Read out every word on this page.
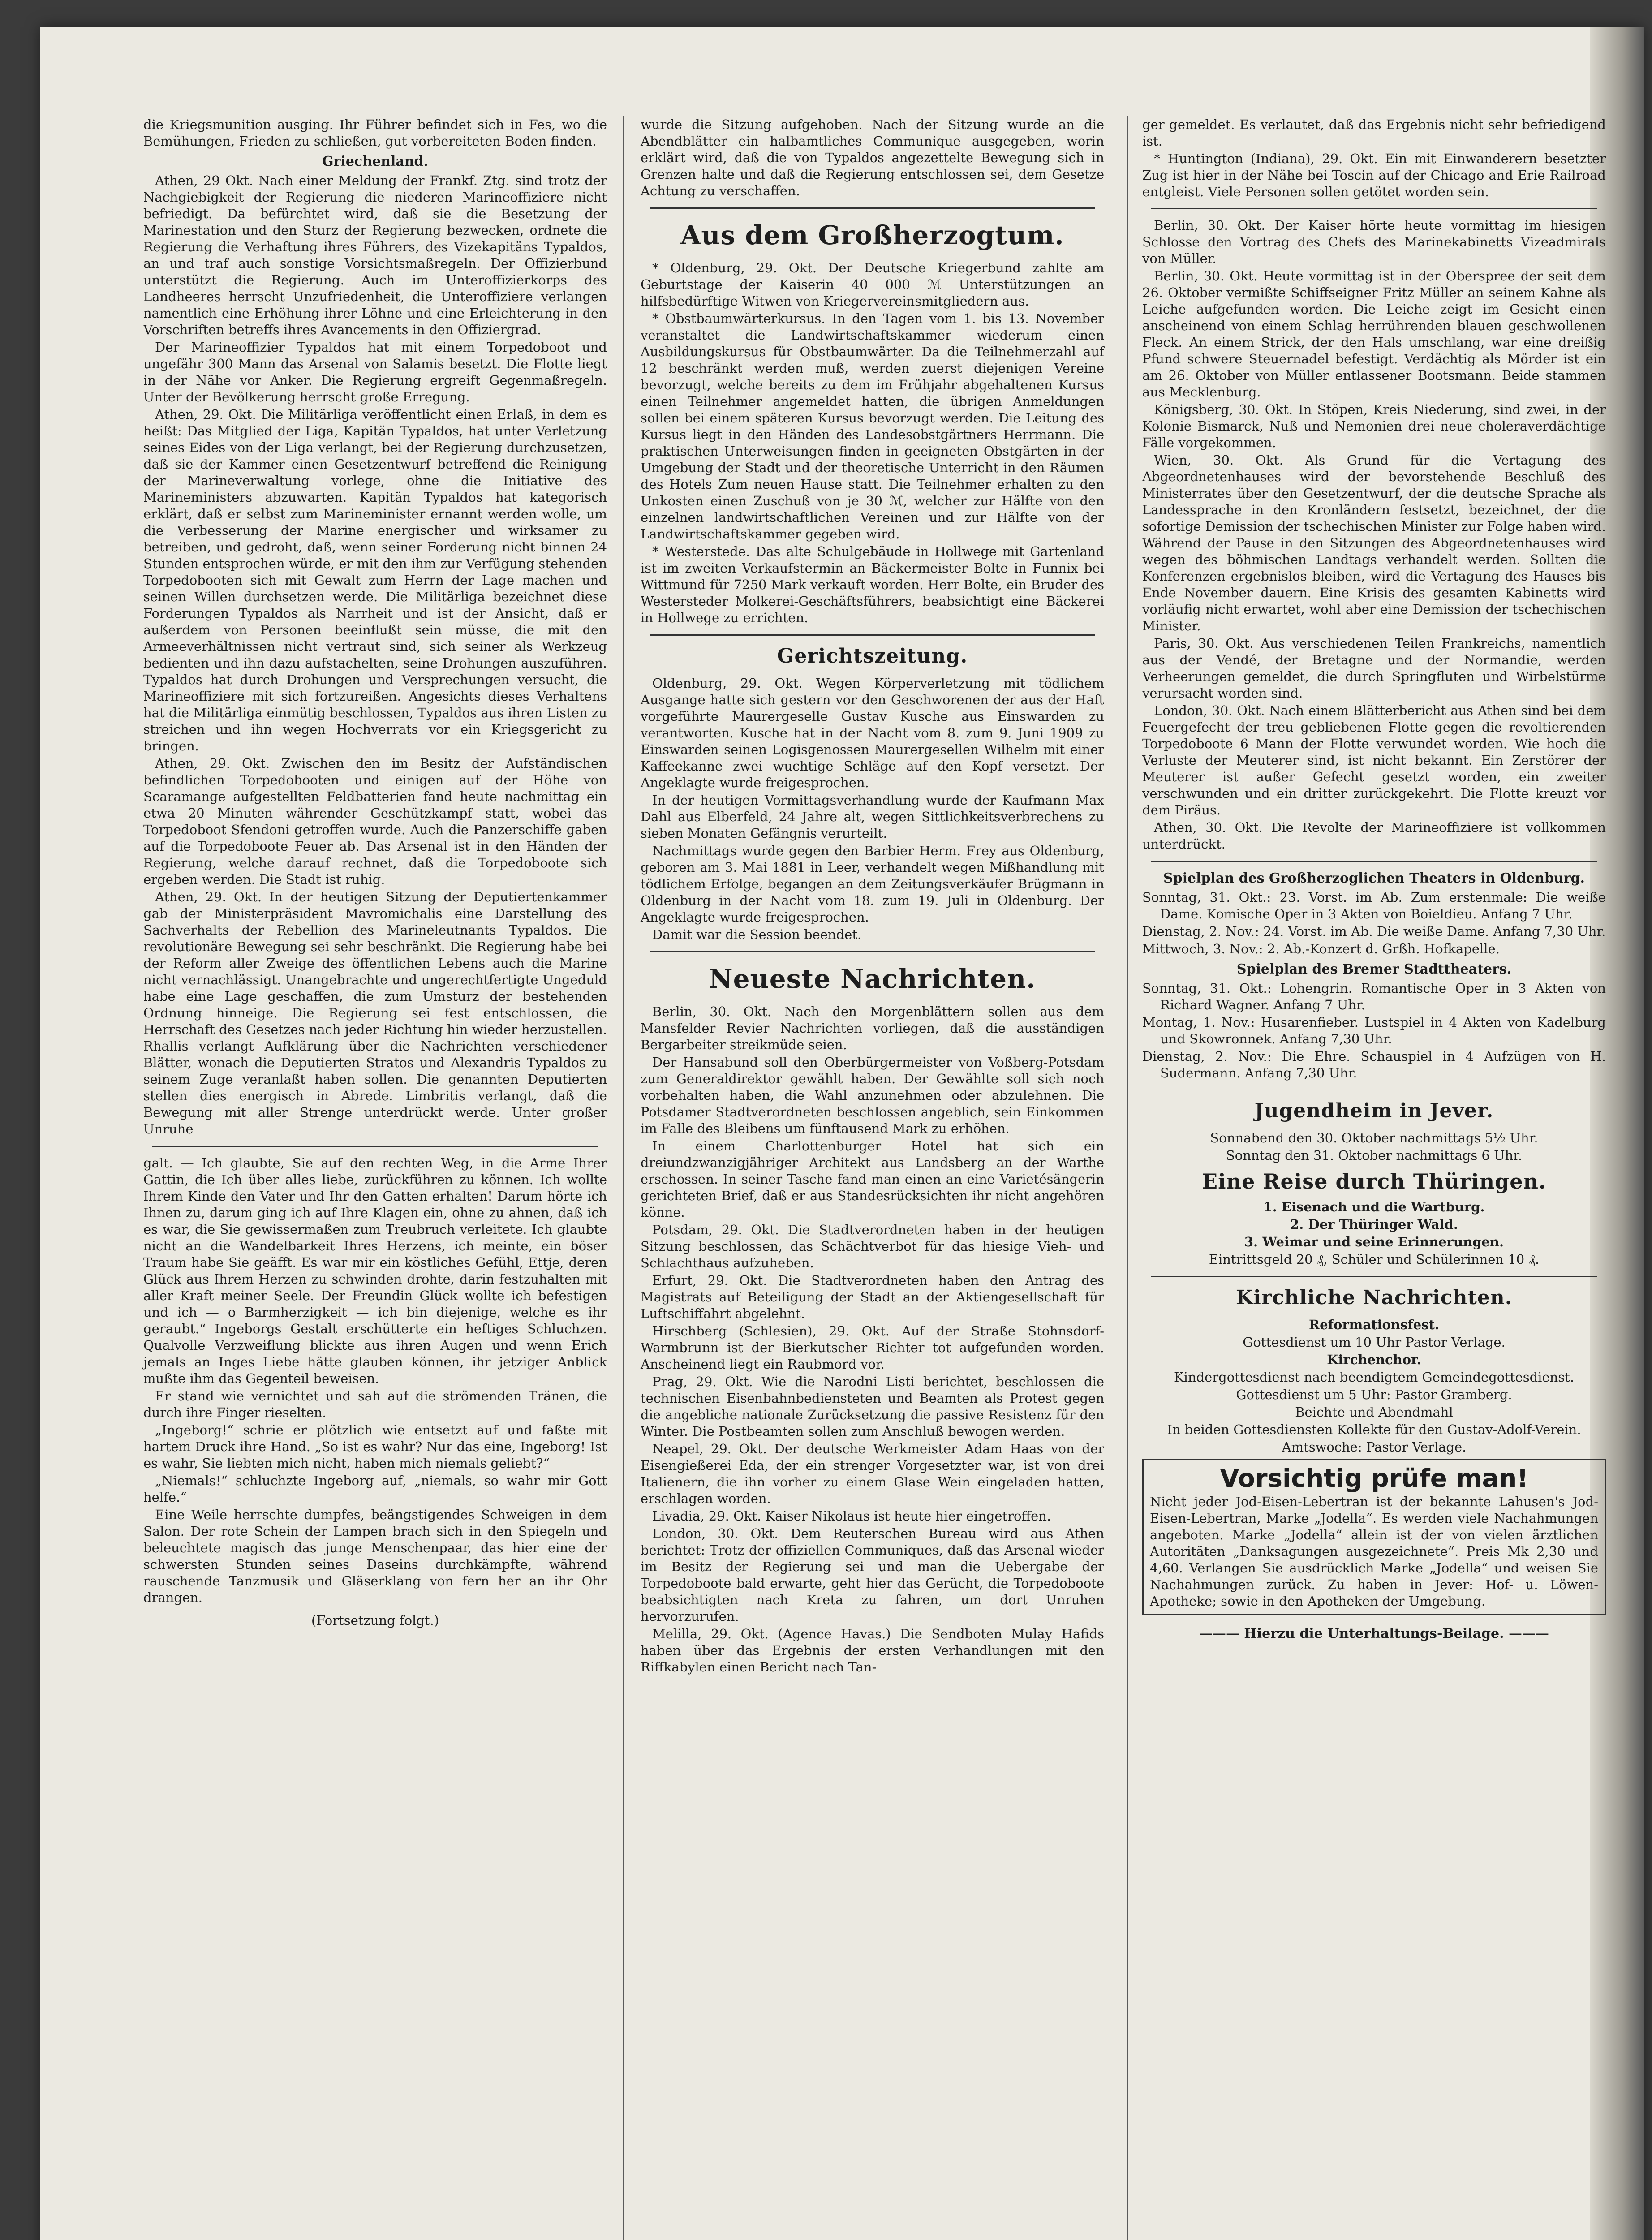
die Kriegsmunition ausging. Ihr Führer befindet sich in Fes, wo die Bemühungen, Frieden zu schließen, gut vorbereiteten Boden finden.

Griechenland.

Athen, 29 Okt. Nach einer Meldung der Frankf. Ztg. sind trotz der Nachgiebigkeit der Regierung die niederen Marineoffiziere nicht befriedigt. Da befürchtet wird, daß sie die Besetzung der Marinestation und den Sturz der Regierung bezwecken, ordnete die Regierung die Verhaftung ihres Führers, des Vizekapitäns Typaldos, an und traf auch sonstige Vorsichtsmaßregeln. Der Offizierbund unterstützt die Regierung. Auch im Unteroffizierkorps des Landheeres herrscht Unzufriedenheit, die Unteroffiziere verlangen namentlich eine Erhöhung ihrer Löhne und eine Erleichterung in den Vorschriften betreffs ihres Avancements in den Offiziergrad.

Der Marineoffizier Typaldos hat mit einem Torpedoboot und ungefähr 300 Mann das Arsenal von Salamis besetzt. Die Flotte liegt in der Nähe vor Anker. Die Regierung ergreift Gegenmaßregeln. Unter der Bevölkerung herrscht große Erregung.

Athen, 29. Okt. Die Militärliga veröffentlicht einen Erlaß, in dem es heißt: Das Mitglied der Liga, Kapitän Typaldos, hat unter Verletzung seines Eides von der Liga verlangt, bei der Regierung durchzusetzen, daß sie der Kammer einen Gesetzentwurf betreffend die Reinigung der Marineverwaltung vorlege, ohne die Initiative des Marineministers abzuwarten. Kapitän Typaldos hat kategorisch erklärt, daß er selbst zum Marineminister ernannt werden wolle, um die Verbesserung der Marine energischer und wirksamer zu betreiben, und gedroht, daß, wenn seiner Forderung nicht binnen 24 Stunden entsprochen würde, er mit den ihm zur Verfügung stehenden Torpedobooten sich mit Gewalt zum Herrn der Lage machen und seinen Willen durchsetzen werde. Die Militärliga bezeichnet diese Forderungen Typaldos als Narrheit und ist der Ansicht, daß er außerdem von Personen beeinflußt sein müsse, die mit den Armeeverhältnissen nicht vertraut sind, sich seiner als Werkzeug bedienten und ihn dazu aufstachelten, seine Drohungen auszuführen. Typaldos hat durch Drohungen und Versprechungen versucht, die Marineoffiziere mit sich fortzureißen. Angesichts dieses Verhaltens hat die Militärliga einmütig beschlossen, Typaldos aus ihren Listen zu streichen und ihn wegen Hochverrats vor ein Kriegsgericht zu bringen.

Athen, 29. Okt. Zwischen den im Besitz der Aufständischen befindlichen Torpedobooten und einigen auf der Höhe von Scaramange aufgestellten Feldbatterien fand heute nachmittag ein etwa 20 Minuten währender Geschützkampf statt, wobei das Torpedoboot Sfendoni getroffen wurde. Auch die Panzerschiffe gaben auf die Torpedoboote Feuer ab. Das Arsenal ist in den Händen der Regierung, welche darauf rechnet, daß die Torpedoboote sich ergeben werden. Die Stadt ist ruhig.

Athen, 29. Okt. In der heutigen Sitzung der Deputiertenkammer gab der Ministerpräsident Mavromichalis eine Darstellung des Sachverhalts der Rebellion des Marineleutnants Typaldos. Die revolutionäre Bewegung sei sehr beschränkt. Die Regierung habe bei der Reform aller Zweige des öffentlichen Lebens auch die Marine nicht vernachlässigt. Unangebrachte und ungerechtfertigte Ungeduld habe eine Lage geschaffen, die zum Umsturz der bestehenden Ordnung hinneige. Die Regierung sei fest entschlossen, die Herrschaft des Gesetzes nach jeder Richtung hin wieder herzustellen. Rhallis verlangt Aufklärung über die Nachrichten verschiedener Blätter, wonach die Deputierten Stratos und Alexandris Typaldos zu seinem Zuge veranlaßt haben sollen. Die genannten Deputierten stellen dies energisch in Abrede. Limbritis verlangt, daß die Bewegung mit aller Strenge unterdrückt werde. Unter großer Unruhe

galt. — Ich glaubte, Sie auf den rechten Weg, in die Arme Ihrer Gattin, die Ich über alles liebe, zurückführen zu können. Ich wollte Ihrem Kinde den Vater und Ihr den Gatten erhalten! Darum hörte ich Ihnen zu, darum ging ich auf Ihre Klagen ein, ohne zu ahnen, daß ich es war, die Sie gewissermaßen zum Treubruch verleitete. Ich glaubte nicht an die Wandelbarkeit Ihres Herzens, ich meinte, ein böser Traum habe Sie geäfft. Es war mir ein köstliches Gefühl, Ettje, deren Glück aus Ihrem Herzen zu schwinden drohte, darin festzuhalten mit aller Kraft meiner Seele. Der Freundin Glück wollte ich befestigen und ich — o Barmherzigkeit — ich bin diejenige, welche es ihr geraubt.“ Ingeborgs Gestalt erschütterte ein heftiges Schluchzen. Qualvolle Verzweiflung blickte aus ihren Augen und wenn Erich jemals an Inges Liebe hätte glauben können, ihr jetziger Anblick mußte ihm das Gegenteil beweisen.

Er stand wie vernichtet und sah auf die strömenden Tränen, die durch ihre Finger rieselten.

„Ingeborg!“ schrie er plötzlich wie entsetzt auf und faßte mit hartem Druck ihre Hand. „So ist es wahr? Nur das eine, Ingeborg! Ist es wahr, Sie liebten mich nicht, haben mich niemals geliebt?“

„Niemals!“ schluchzte Ingeborg auf, „niemals, so wahr mir Gott helfe.“

Eine Weile herrschte dumpfes, beängstigendes Schweigen in dem Salon. Der rote Schein der Lampen brach sich in den Spiegeln und beleuchtete magisch das junge Menschenpaar, das hier eine der schwersten Stunden seines Daseins durchkämpfte, während rauschende Tanzmusik und Gläserklang von fern her an ihr Ohr drangen.

(Fortsetzung folgt.)

wurde die Sitzung aufgehoben. Nach der Sitzung wurde an die Abendblätter ein halbamtliches Communique ausgegeben, worin erklärt wird, daß die von Typaldos angezettelte Bewegung sich in Grenzen halte und daß die Regierung entschlossen sei, dem Gesetze Achtung zu verschaffen.

Aus dem Großherzogtum.

* Oldenburg, 29. Okt. Der Deutsche Kriegerbund zahlte am Geburtstage der Kaiserin 40 000 ℳ Unterstützungen an hilfsbedürftige Witwen von Kriegervereinsmitgliedern aus.

* Obstbaumwärterkursus. In den Tagen vom 1. bis 13. November veranstaltet die Landwirtschaftskammer wiederum einen Ausbildungskursus für Obstbaumwärter. Da die Teilnehmerzahl auf 12 beschränkt werden muß, werden zuerst diejenigen Vereine bevorzugt, welche bereits zu dem im Frühjahr abgehaltenen Kursus einen Teilnehmer angemeldet hatten, die übrigen Anmeldungen sollen bei einem späteren Kursus bevorzugt werden. Die Leitung des Kursus liegt in den Händen des Landesobstgärtners Herrmann. Die praktischen Unterweisungen finden in geeigneten Obstgärten in der Umgebung der Stadt und der theoretische Unterricht in den Räumen des Hotels Zum neuen Hause statt. Die Teilnehmer erhalten zu den Unkosten einen Zuschuß von je 30 ℳ, welcher zur Hälfte von den einzelnen landwirtschaftlichen Vereinen und zur Hälfte von der Landwirtschaftskammer gegeben wird.

* Westerstede. Das alte Schulgebäude in Hollwege mit Gartenland ist im zweiten Verkaufstermin an Bäckermeister Bolte in Funnix bei Wittmund für 7250 Mark verkauft worden. Herr Bolte, ein Bruder des Westersteder Molkerei-Geschäftsführers, beabsichtigt eine Bäckerei in Hollwege zu errichten.

Gerichtszeitung.

Oldenburg, 29. Okt. Wegen Körperverletzung mit tödlichem Ausgange hatte sich gestern vor den Geschworenen der aus der Haft vorgeführte Maurergeselle Gustav Kusche aus Einswarden zu verantworten. Kusche hat in der Nacht vom 8. zum 9. Juni 1909 zu Einswarden seinen Logisgenossen Maurergesellen Wilhelm mit einer Kaffeekanne zwei wuchtige Schläge auf den Kopf versetzt. Der Angeklagte wurde freigesprochen.

In der heutigen Vormittagsverhandlung wurde der Kaufmann Max Dahl aus Elberfeld, 24 Jahre alt, wegen Sittlichkeitsverbrechens zu sieben Monaten Gefängnis verurteilt.

Nachmittags wurde gegen den Barbier Herm. Frey aus Oldenburg, geboren am 3. Mai 1881 in Leer, verhandelt wegen Mißhandlung mit tödlichem Erfolge, begangen an dem Zeitungsverkäufer Brügmann in Oldenburg in der Nacht vom 18. zum 19. Juli in Oldenburg. Der Angeklagte wurde freigesprochen.

Damit war die Session beendet.

Neueste Nachrichten.

Berlin, 30. Okt. Nach den Morgenblättern sollen aus dem Mansfelder Revier Nachrichten vorliegen, daß die ausständigen Bergarbeiter streikmüde seien.

Der Hansabund soll den Oberbürgermeister von Voßberg-Potsdam zum Generaldirektor gewählt haben. Der Gewählte soll sich noch vorbehalten haben, die Wahl anzunehmen oder abzulehnen. Die Potsdamer Stadtverordneten beschlossen angeblich, sein Einkommen im Falle des Bleibens um fünftausend Mark zu erhöhen.

In einem Charlottenburger Hotel hat sich ein dreiundzwanzigjähriger Architekt aus Landsberg an der Warthe erschossen. In seiner Tasche fand man einen an eine Varietésängerin gerichteten Brief, daß er aus Standesrücksichten ihr nicht angehören könne.

Potsdam, 29. Okt. Die Stadtverordneten haben in der heutigen Sitzung beschlossen, das Schächtverbot für das hiesige Vieh- und Schlachthaus aufzuheben.

Erfurt, 29. Okt. Die Stadtverordneten haben den Antrag des Magistrats auf Beteiligung der Stadt an der Aktiengesellschaft für Luftschiffahrt abgelehnt.

Hirschberg (Schlesien), 29. Okt. Auf der Straße Stohnsdorf-Warmbrunn ist der Bierkutscher Richter tot aufgefunden worden. Anscheinend liegt ein Raubmord vor.

Prag, 29. Okt. Wie die Narodni Listi berichtet, beschlossen die technischen Eisenbahnbediensteten und Beamten als Protest gegen die angebliche nationale Zurücksetzung die passive Resistenz für den Winter. Die Postbeamten sollen zum Anschluß bewogen werden.

Neapel, 29. Okt. Der deutsche Werkmeister Adam Haas von der Eisengießerei Eda, der ein strenger Vorgesetzter war, ist von drei Italienern, die ihn vorher zu einem Glase Wein eingeladen hatten, erschlagen worden.

Livadia, 29. Okt. Kaiser Nikolaus ist heute hier eingetroffen.

London, 30. Okt. Dem Reuterschen Bureau wird aus Athen berichtet: Trotz der offiziellen Communiques, daß das Arsenal wieder im Besitz der Regierung sei und man die Uebergabe der Torpedoboote bald erwarte, geht hier das Gerücht, die Torpedoboote beabsichtigten nach Kreta zu fahren, um dort Unruhen hervorzurufen.

Melilla, 29. Okt. (Agence Havas.) Die Sendboten Mulay Hafids haben über das Ergebnis der ersten Verhandlungen mit den Riffkabylen einen Bericht nach Tan-

ger gemeldet. Es verlautet, daß das Ergebnis nicht sehr befriedigend ist.

* Huntington (Indiana), 29. Okt. Ein mit Einwanderern besetzter Zug ist hier in der Nähe bei Toscin auf der Chicago and Erie Railroad entgleist. Viele Personen sollen getötet worden sein.

Berlin, 30. Okt. Der Kaiser hörte heute vormittag im hiesigen Schlosse den Vortrag des Chefs des Marinekabinetts Vizeadmirals von Müller.

Berlin, 30. Okt. Heute vormittag ist in der Oberspree der seit dem 26. Oktober vermißte Schiffseigner Fritz Müller an seinem Kahne als Leiche aufgefunden worden. Die Leiche zeigt im Gesicht einen anscheinend von einem Schlag herrührenden blauen geschwollenen Fleck. An einem Strick, der den Hals umschlang, war eine dreißig Pfund schwere Steuernadel befestigt. Verdächtig als Mörder ist ein am 26. Oktober von Müller entlassener Bootsmann. Beide stammen aus Mecklenburg.

Königsberg, 30. Okt. In Stöpen, Kreis Niederung, sind zwei, in der Kolonie Bismarck, Nuß und Nemonien drei neue choleraverdächtige Fälle vorgekommen.

Wien, 30. Okt. Als Grund für die Vertagung des Abgeordnetenhauses wird der bevorstehende Beschluß des Ministerrates über den Gesetzentwurf, der die deutsche Sprache als Landessprache in den Kronländern festsetzt, bezeichnet, der die sofortige Demission der tschechischen Minister zur Folge haben wird. Während der Pause in den Sitzungen des Abgeordnetenhauses wird wegen des böhmischen Landtags verhandelt werden. Sollten die Konferenzen ergebnislos bleiben, wird die Vertagung des Hauses bis Ende November dauern. Eine Krisis des gesamten Kabinetts wird vorläufig nicht erwartet, wohl aber eine Demission der tschechischen Minister.

Paris, 30. Okt. Aus verschiedenen Teilen Frankreichs, namentlich aus der Vendé, der Bretagne und der Normandie, werden Verheerungen gemeldet, die durch Springfluten und Wirbelstürme verursacht worden sind.

London, 30. Okt. Nach einem Blätterbericht aus Athen sind bei dem Feuergefecht der treu gebliebenen Flotte gegen die revoltierenden Torpedoboote 6 Mann der Flotte verwundet worden. Wie hoch die Verluste der Meuterer sind, ist nicht bekannt. Ein Zerstörer der Meuterer ist außer Gefecht gesetzt worden, ein zweiter verschwunden und ein dritter zurückgekehrt. Die Flotte kreuzt vor dem Piräus.

Athen, 30. Okt. Die Revolte der Marineoffiziere ist vollkommen unterdrückt.

Spielplan des Großherzoglichen Theaters in Oldenburg.

Sonntag, 31. Okt.: 23. Vorst. im Ab. Zum erstenmale: Die weiße Dame. Komische Oper in 3 Akten von Boieldieu. Anfang 7 Uhr.

Dienstag, 2. Nov.: 24. Vorst. im Ab. Die weiße Dame. Anfang 7,30 Uhr.

Mittwoch, 3. Nov.: 2. Ab.-Konzert d. Grßh. Hofkapelle.

Spielplan des Bremer Stadttheaters.

Sonntag, 31. Okt.: Lohengrin. Romantische Oper in 3 Akten von Richard Wagner. Anfang 7 Uhr.

Montag, 1. Nov.: Husarenfieber. Lustspiel in 4 Akten von Kadelburg und Skowronnek. Anfang 7,30 Uhr.

Dienstag, 2. Nov.: Die Ehre. Schauspiel in 4 Aufzügen von H. Sudermann. Anfang 7,30 Uhr.

Jugendheim in Jever.

Sonnabend den 30. Oktober nachmittags 5½ Uhr.

Sonntag den 31. Oktober nachmittags 6 Uhr.

Eine Reise durch Thüringen.

1. Eisenach und die Wartburg.

2. Der Thüringer Wald.

3. Weimar und seine Erinnerungen.

Eintrittsgeld 20 ₰, Schüler und Schülerinnen 10 ₰.

Kirchliche Nachrichten.

Reformationsfest.

Gottesdienst um 10 Uhr Pastor Verlage.

Kirchenchor.

Kindergottesdienst nach beendigtem Gemeindegottesdienst.

Gottesdienst um 5 Uhr: Pastor Gramberg.

Beichte und Abendmahl

In beiden Gottesdiensten Kollekte für den Gustav-Adolf-Verein.

Amtswoche: Pastor Verlage.

Vorsichtig prüfe man!

Nicht jeder Jod-Eisen-Lebertran ist der bekannte Lahusen's Jod-Eisen-Lebertran, Marke „Jodella“. Es werden viele Nachahmungen angeboten. Marke „Jodella“ allein ist der von vielen ärztlichen Autoritäten „Danksagungen ausgezeichnete“. Preis Mk 2,30 und 4,60. Verlangen Sie ausdrücklich Marke „Jodella“ und weisen Sie Nachahmungen zurück. Zu haben in Jever: Hof- u. Löwen-Apotheke; sowie in den Apotheken der Umgebung.

——— Hierzu die Unterhaltungs-Beilage. ———
